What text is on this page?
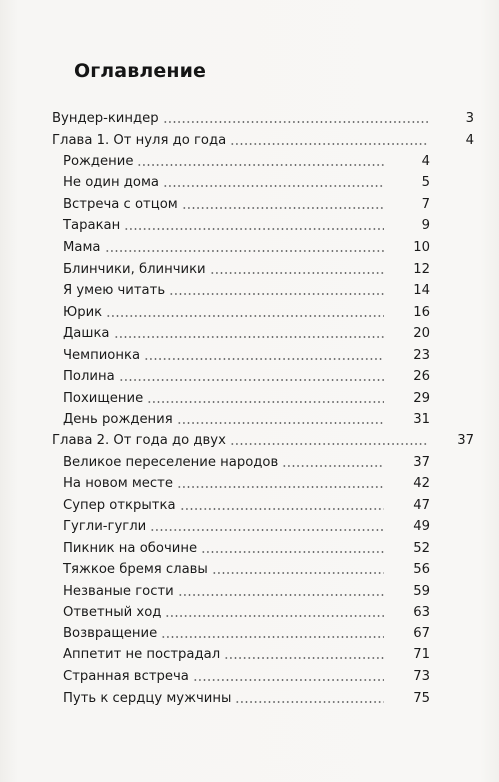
Оглавление
Вундер-киндер	3
Глава 1. От нуля до года	4
Рождение	4
Не один дома	5
Встреча с отцом	7
Таракан	9
Мама	10
Блинчики, блинчики	12
Я умею читать	14
Юрик	16
Дашка	20
Чемпионка	23
Полина	26
Похищение	29
День рождения	31
Глава 2. От года до двух	37
Великое переселение народов	37
На новом месте	42
Супер открытка	47
Гугли-гугли	49
Пикник на обочине	52
Тяжкое бремя славы	56
Незваные гости	59
Ответный ход	63
Возвращение	67
Аппетит не пострадал	71
Странная встреча	73
Путь к сердцу мужчины	75
